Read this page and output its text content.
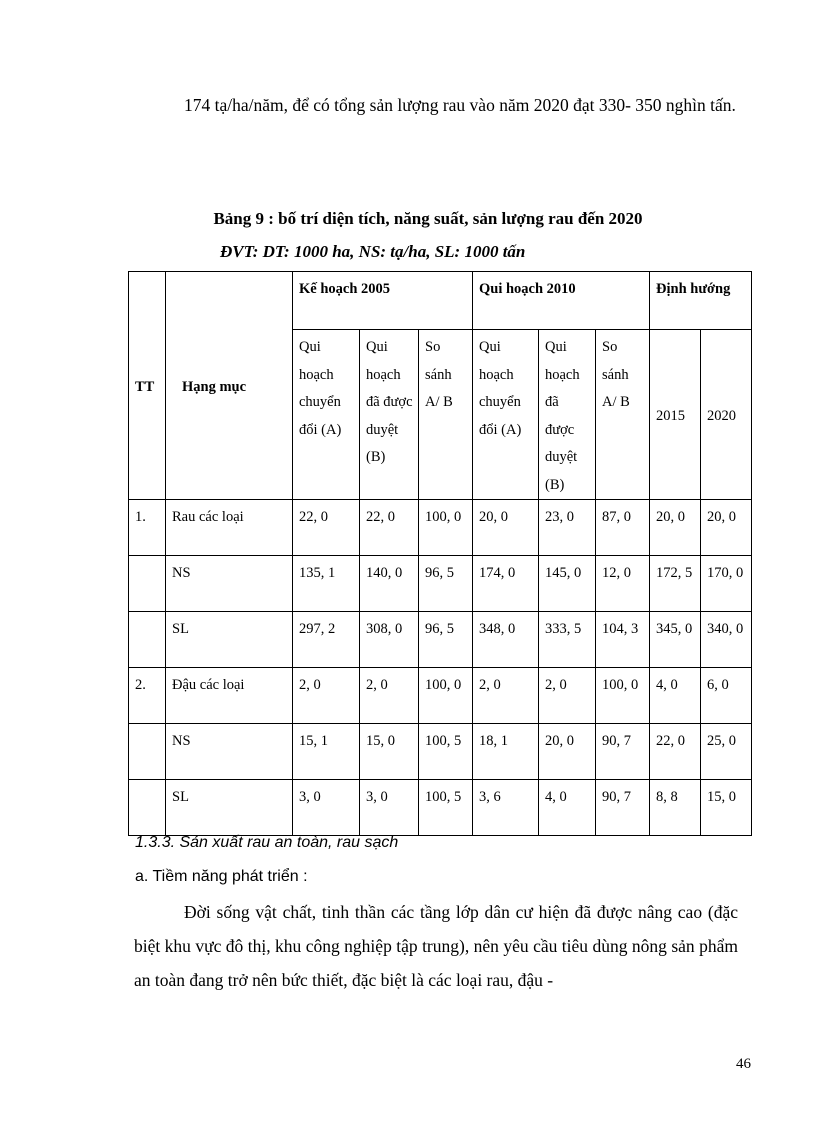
174 tạ/ha/năm, để có tổng sản lượng rau vào năm 2020 đạt 330- 350 nghìn tấn.
Bảng 9 : bố trí diện tích, năng suất, sản lượng rau đến 2020
ĐVT: DT: 1000 ha, NS: tạ/ha, SL: 1000 tấn
TT	Hạng mục	Kế hoạch 2005			Qui hoạch 2010			Định hướng	
		Qui hoạch chuyển đổi (A)	Qui hoạch đã được duyệt (B)	So sánh A/ B	Qui hoạch chuyển đổi (A)	Qui hoạch đã được duyệt (B)	So sánh A/ B	2015	2020
1.	Rau các loại	22, 0	22, 0	100, 0	20, 0	23, 0	87, 0	20, 0	20, 0
	NS	135, 1	140, 0	96, 5	174, 0	145, 0	12, 0	172, 5	170, 0
	SL	297, 2	308, 0	96, 5	348, 0	333, 5	104, 3	345, 0	340, 0
2.	Đậu các loại	2, 0	2, 0	100, 0	2, 0	2, 0	100, 0	4, 0	6, 0
	NS	15, 1	15, 0	100, 5	18, 1	20, 0	90, 7	22, 0	25, 0
	SL	3, 0	3, 0	100, 5	3, 6	4, 0	90, 7	8, 8	15, 0
1.3.3. Sản xuất rau an toàn, rau sạch
a. Tiềm năng phát triển :
Đời sống vật chất, tinh thần các tầng lớp dân cư hiện đã được nâng cao (đặc biệt khu vực đô thị, khu công nghiệp tập trung), nên yêu cầu tiêu dùng nông sản phẩm an toàn đang trở nên bức thiết, đặc biệt là các loại rau, đậu -
46
